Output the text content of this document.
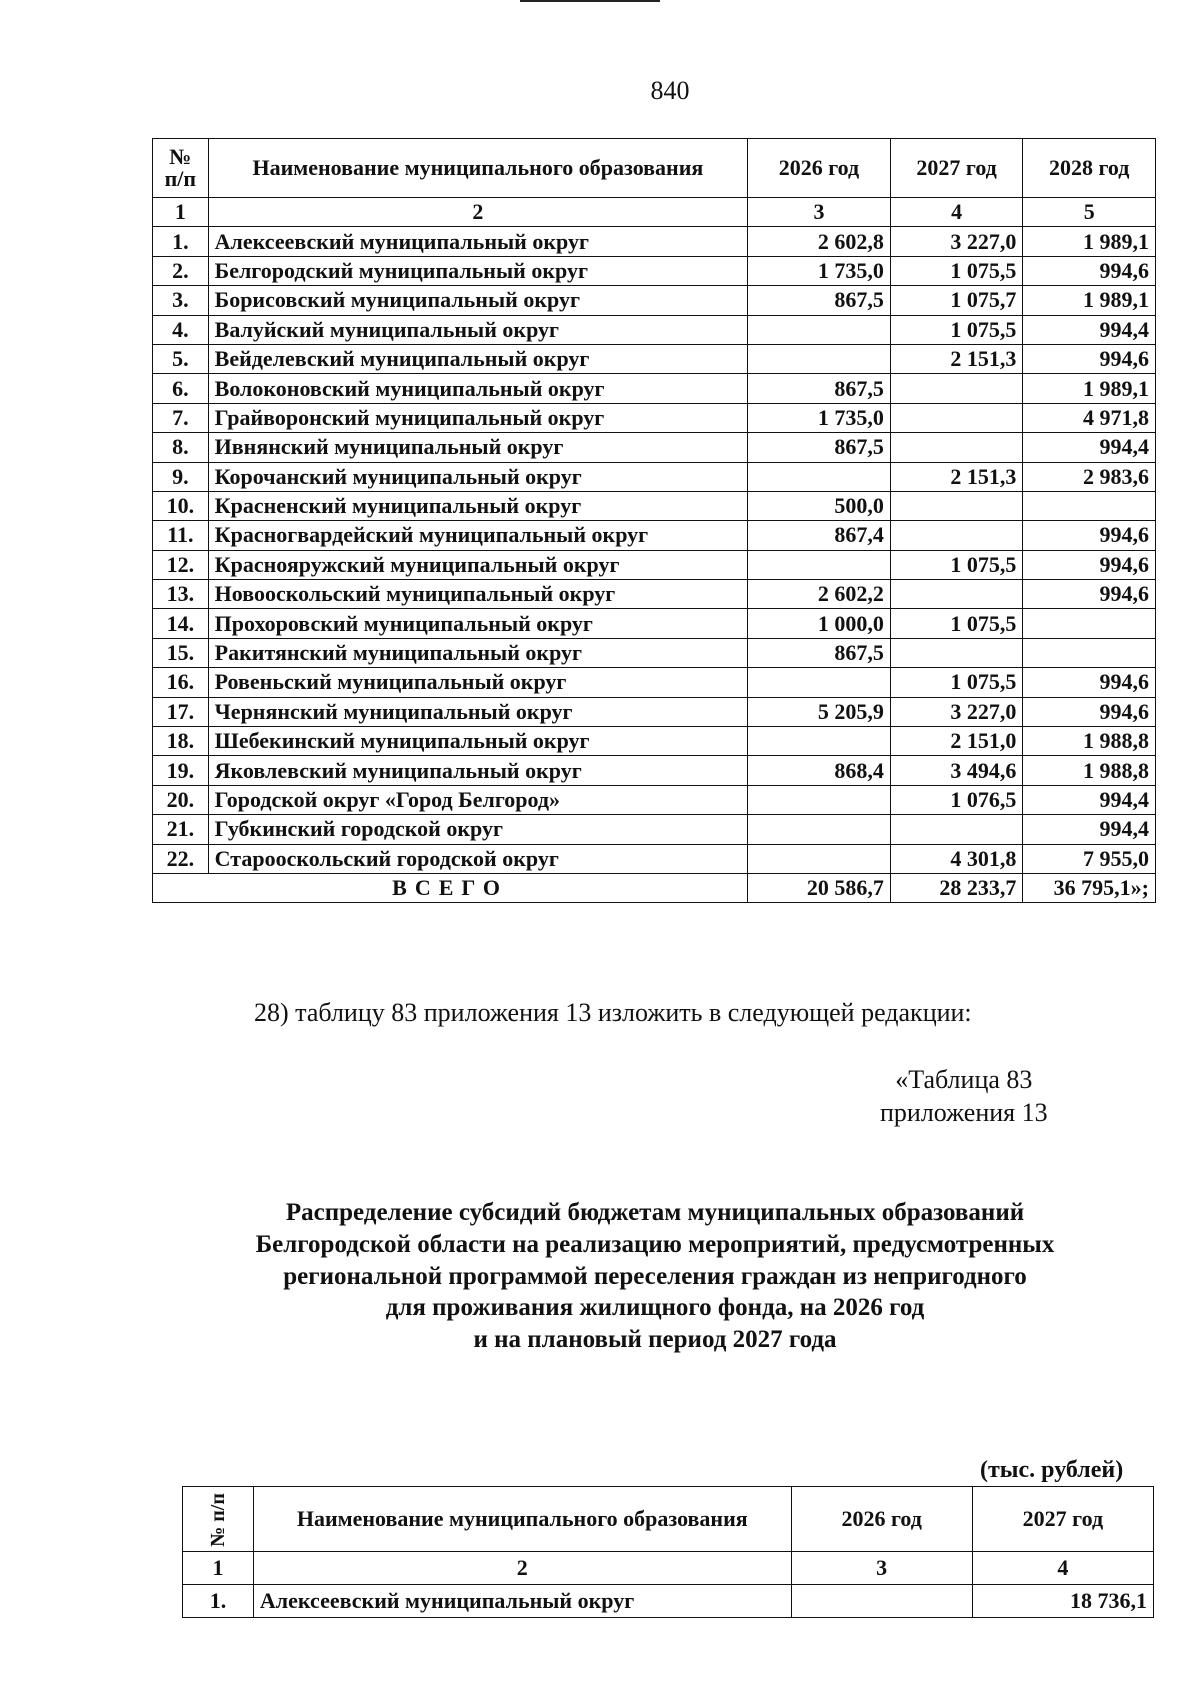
840
№ п/п	Наименование муниципального образования	2026 год	2027 год	2028 год
1	2	3	4	5
1.	Алексеевский муниципальный округ	2 602,8	3 227,0	1 989,1
2.	Белгородский муниципальный округ	1 735,0	1 075,5	994,6
3.	Борисовский муниципальный округ	867,5	1 075,7	1 989,1
4.	Валуйский муниципальный округ		1 075,5	994,4
5.	Вейделевский муниципальный округ		2 151,3	994,6
6.	Волоконовский муниципальный округ	867,5		1 989,1
7.	Грайворонский муниципальный округ	1 735,0		4 971,8
8.	Ивнянский муниципальный округ	867,5		994,4
9.	Корочанский муниципальный округ		2 151,3	2 983,6
10.	Красненский муниципальный округ	500,0		
11.	Красногвардейский муниципальный округ	867,4		994,6
12.	Краснояружский муниципальный округ		1 075,5	994,6
13.	Новооскольский муниципальный округ	2 602,2		994,6
14.	Прохоровский муниципальный округ	1 000,0	1 075,5	
15.	Ракитянский муниципальный округ	867,5		
16.	Ровеньский муниципальный округ		1 075,5	994,6
17.	Чернянский муниципальный округ	5 205,9	3 227,0	994,6
18.	Шебекинский муниципальный округ		2 151,0	1 988,8
19.	Яковлевский муниципальный округ	868,4	3 494,6	1 988,8
20.	Городской округ «Город Белгород»		1 076,5	994,4
21.	Губкинский городской округ			994,4
22.	Старооскольский городской округ		4 301,8	7 955,0
ВСЕГО		20 586,7	28 233,7	36 795,1»;
28) таблицу 83 приложения 13 изложить в следующей редакции:
«Таблица 83
приложения 13
Распределение субсидий бюджетам муниципальных образований
Белгородской области на реализацию мероприятий, предусмотренных
региональной программой переселения граждан из непригодного
для проживания жилищного фонда, на 2026 год
и на плановый период 2027 года
(тыс. рублей)
№ п/п	Наименование муниципального образования	2026 год	2027 год
1	2	3	4
1.	Алексеевский муниципальный округ		18 736,1
